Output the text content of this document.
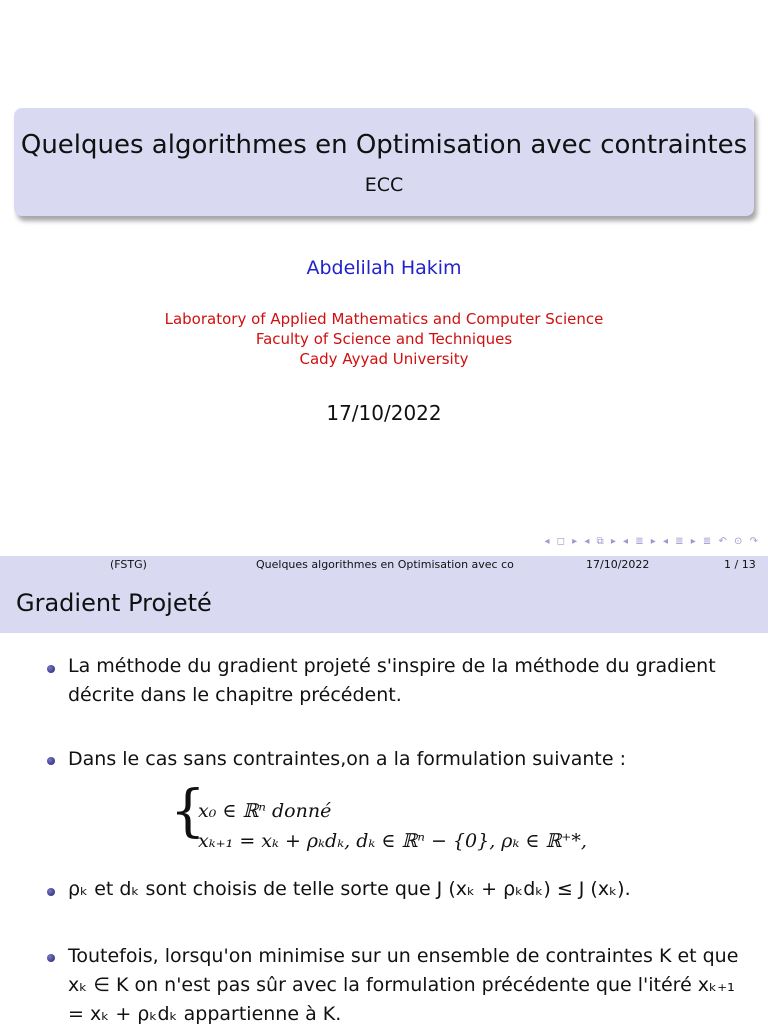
Quelques algorithmes en Optimisation avec contraintes
ECC
Abdelilah Hakim
Laboratory of Applied Mathematics and Computer Science
Faculty of Science and Techniques
Cady Ayyad University
17/10/2022
◂ ◻ ▸ ◂ ⧉ ▸ ◂ ≣ ▸ ◂ ≣ ▸ ≣ ↶ ⊙ ↷
(FSTG)	Quelques algorithmes en Optimisation avec co	17/10/2022	1 / 13
Gradient Projeté
La méthode du gradient projeté s'inspire de la méthode du gradient décrite dans le chapitre précédent.
Dans le cas sans contraintes,on a la formulation suivante :
{
x₀ ∈ ℝⁿ donné
xₖ₊₁ = xₖ + ρₖdₖ, dₖ ∈ ℝⁿ − {0}, ρₖ ∈ ℝ⁺*,
ρₖ et dₖ sont choisis de telle sorte que J (xₖ + ρₖdₖ) ≤ J (xₖ).
Toutefois, lorsqu'on minimise sur un ensemble de contraintes K et que xₖ ∈ K on n'est pas sûr avec la formulation précédente que l'itéré xₖ₊₁ = xₖ + ρₖdₖ appartienne à K.
